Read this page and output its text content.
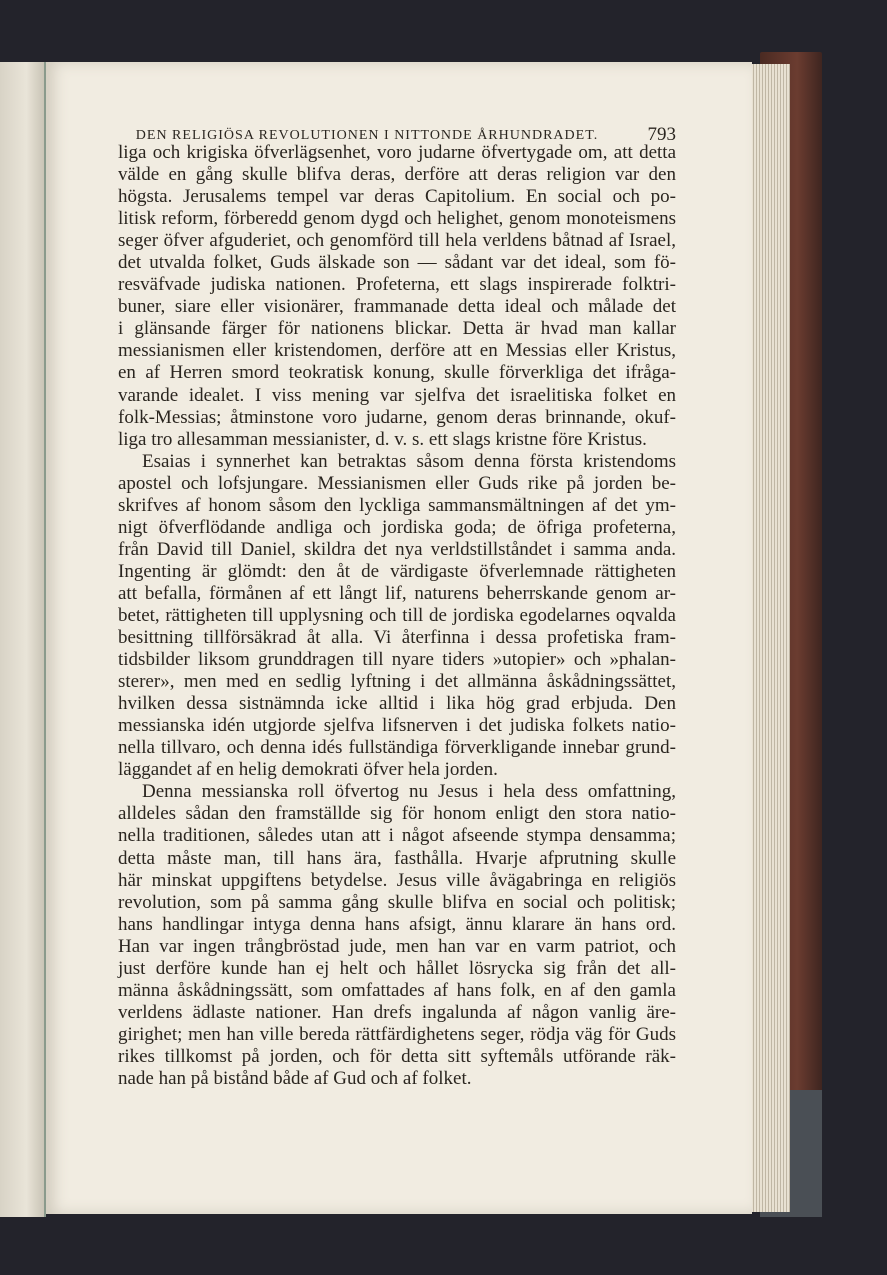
DEN RELIGIÖSA REVOLUTIONEN I NITTONDE ÅRHUNDRADET.	793
liga och krigiska öfverlägsenhet, voro judarne öfvertygade om, att detta
välde en gång skulle blifva deras, derföre att deras religion var den
högsta. Jerusalems tempel var deras Capitolium. En social och po-
litisk reform, förberedd genom dygd och helighet, genom monoteismens
seger öfver afguderiet, och genomförd till hela verldens båtnad af Israel,
det utvalda folket, Guds älskade son — sådant var det ideal, som fö-
resväfvade judiska nationen. Profeterna, ett slags inspirerade folktri-
buner, siare eller visionärer, frammanade detta ideal och målade det
i glänsande färger för nationens blickar. Detta är hvad man kallar
messianismen eller kristendomen, derföre att en Messias eller Kristus,
en af Herren smord teokratisk konung, skulle förverkliga det ifråga-
varande idealet. I viss mening var sjelfva det israelitiska folket en
folk-Messias; åtminstone voro judarne, genom deras brinnande, okuf-
liga tro allesamman messianister, d. v. s. ett slags kristne före Kristus.
Esaias i synnerhet kan betraktas såsom denna första kristendoms
apostel och lofsjungare. Messianismen eller Guds rike på jorden be-
skrifves af honom såsom den lyckliga sammansmältningen af det ym-
nigt öfverflödande andliga och jordiska goda; de öfriga profeterna,
från David till Daniel, skildra det nya verldstillståndet i samma anda.
Ingenting är glömdt: den åt de värdigaste öfverlemnade rättigheten
att befalla, förmånen af ett långt lif, naturens beherrskande genom ar-
betet, rättigheten till upplysning och till de jordiska egodelarnes oqvalda
besittning tillförsäkrad åt alla. Vi återfinna i dessa profetiska fram-
tidsbilder liksom grunddragen till nyare tiders »utopier» och »phalan-
sterer», men med en sedlig lyftning i det allmänna åskådningssättet,
hvilken dessa sistnämnda icke alltid i lika hög grad erbjuda. Den
messianska idén utgjorde sjelfva lifsnerven i det judiska folkets natio-
nella tillvaro, och denna idés fullständiga förverkligande innebar grund-
läggandet af en helig demokrati öfver hela jorden.
Denna messianska roll öfvertog nu Jesus i hela dess omfattning,
alldeles sådan den framställde sig för honom enligt den stora natio-
nella traditionen, således utan att i något afseende stympa densamma;
detta måste man, till hans ära, fasthålla. Hvarje afprutning skulle
här minskat uppgiftens betydelse. Jesus ville åvägabringa en religiös
revolution, som på samma gång skulle blifva en social och politisk;
hans handlingar intyga denna hans afsigt, ännu klarare än hans ord.
Han var ingen trångbröstad jude, men han var en varm patriot, och
just derföre kunde han ej helt och hållet lösrycka sig från det all-
männa åskådningssätt, som omfattades af hans folk, en af den gamla
verldens ädlaste nationer. Han drefs ingalunda af någon vanlig äre-
girighet; men han ville bereda rättfärdighetens seger, rödja väg för Guds
rikes tillkomst på jorden, och för detta sitt syftemåls utförande räk-
nade han på bistånd både af Gud och af folket.
